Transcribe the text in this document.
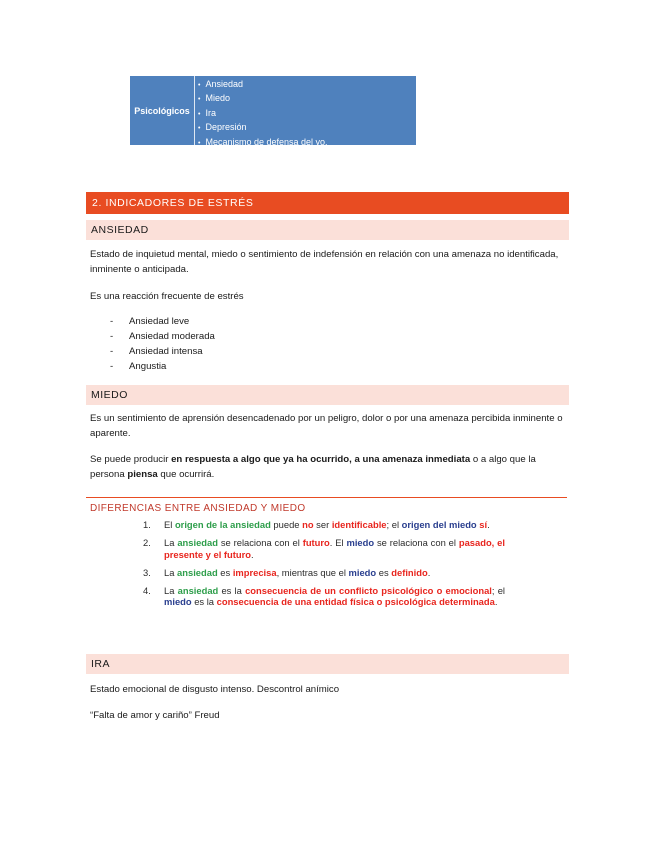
Psicológicos
• Ansiedad
• Miedo
• Ira
• Depresión
• Mecanismo de defensa del yo.
2. INDICADORES DE ESTRÉS
ANSIEDAD

Estado de inquietud mental, miedo o sentimiento de indefensión en relación con una amenaza no identificada, inminente o anticipada.

Es una reacción frecuente de estrés

-	Ansiedad leve
-	Ansiedad moderada
-	Ansiedad intensa
-	Angustia
MIEDO

Es un sentimiento de aprensión desencadenado por un peligro, dolor o por una amenaza percibida inminente o aparente.

Se puede producir en respuesta a algo que ya ha ocurrido, a una amenaza inmediata o a algo que la persona piensa que ocurrirá.

DIFERENCIAS ENTRE ANSIEDAD Y MIEDO
1.	El origen de la ansiedad puede no ser identificable; el origen del miedo sí.
2.	La ansiedad se relaciona con el futuro. El miedo se relaciona con el pasado, el presente y el futuro.
3.	La ansiedad es imprecisa, mientras que el miedo es definido.
4.	La ansiedad es la consecuencia de un conflicto psicológico o emocional; el miedo es la consecuencia de una entidad física o psicológica determinada.
IRA

Estado emocional de disgusto intenso. Descontrol anímico

“Falta de amor y cariño” Freud
